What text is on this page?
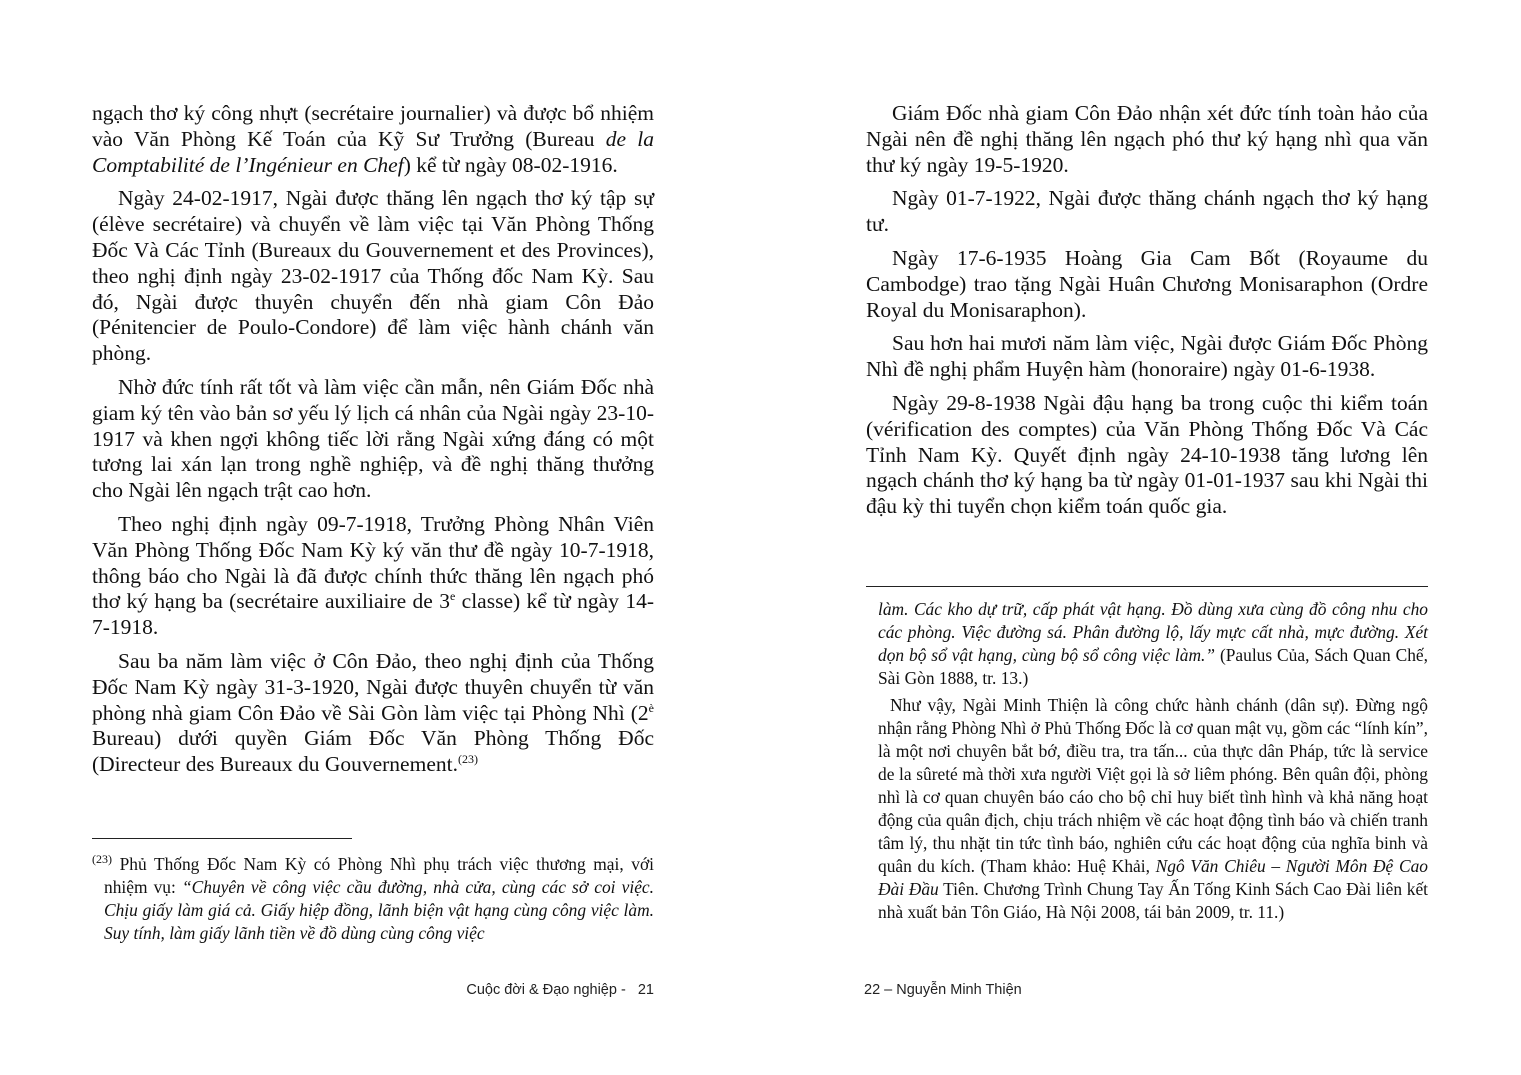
ngạch thơ ký công nhựt (secrétaire journalier) và được bổ nhiệm vào Văn Phòng Kế Toán của Kỹ Sư Trưởng (Bureau de la Comptabilité de l’Ingénieur en Chef) kể từ ngày 08-02-1916.

Ngày 24-02-1917, Ngài được thăng lên ngạch thơ ký tập sự (élève secrétaire) và chuyển về làm việc tại Văn Phòng Thống Đốc Và Các Tỉnh (Bureaux du Gouvernement et des Provinces), theo nghị định ngày 23-02-1917 của Thống đốc Nam Kỳ. Sau đó, Ngài được thuyên chuyển đến nhà giam Côn Đảo (Pénitencier de Poulo-Condore) để làm việc hành chánh văn phòng.

Nhờ đức tính rất tốt và làm việc cần mẫn, nên Giám Đốc nhà giam ký tên vào bản sơ yếu lý lịch cá nhân của Ngài ngày 23-10-1917 và khen ngợi không tiếc lời rằng Ngài xứng đáng có một tương lai xán lạn trong nghề nghiệp, và đề nghị thăng thưởng cho Ngài lên ngạch trật cao hơn.

Theo nghị định ngày 09-7-1918, Trưởng Phòng Nhân Viên Văn Phòng Thống Đốc Nam Kỳ ký văn thư đề ngày 10-7-1918, thông báo cho Ngài là đã được chính thức thăng lên ngạch phó thơ ký hạng ba (secrétaire auxiliaire de 3e classe) kể từ ngày 14-7-1918.

Sau ba năm làm việc ở Côn Đảo, theo nghị định của Thống Đốc Nam Kỳ ngày 31-3-1920, Ngài được thuyên chuyển từ văn phòng nhà giam Côn Đảo về Sài Gòn làm việc tại Phòng Nhì ($2^è$ Bureau) dưới quyền Giám Đốc Văn Phòng Thống Đốc (Directeur des Bureaux du Gouvernement.$^{(23)}$

$^{(23)}$ Phủ Thống Đốc Nam Kỳ có Phòng Nhì phụ trách việc thương mại, với nhiệm vụ: “Chuyên về công việc cầu đường, nhà cửa, cùng các sở coi việc. Chịu giấy làm giá cả. Giấy hiệp đồng, lãnh biện vật hạng cùng công việc làm. Suy tính, làm giấy lãnh tiền về đồ dùng cùng công việc

Cuộc đời & Đạo nghiệp -   21

Giám Đốc nhà giam Côn Đảo nhận xét đức tính toàn hảo của Ngài nên đề nghị thăng lên ngạch phó thư ký hạng nhì qua văn thư ký ngày 19-5-1920.

Ngày 01-7-1922, Ngài được thăng chánh ngạch thơ ký hạng tư.

Ngày 17-6-1935 Hoàng Gia Cam Bốt (Royaume du Cambodge) trao tặng Ngài Huân Chương Monisaraphon (Ordre Royal du Monisaraphon).

Sau hơn hai mươi năm làm việc, Ngài được Giám Đốc Phòng Nhì đề nghị phẩm Huyện hàm (honoraire) ngày 01-6-1938.

Ngày 29-8-1938 Ngài đậu hạng ba trong cuộc thi kiểm toán (vérification des comptes) của Văn Phòng Thống Đốc Và Các Tỉnh Nam Kỳ. Quyết định ngày 24-10-1938 tăng lương lên ngạch chánh thơ ký hạng ba từ ngày 01-01-1937 sau khi Ngài thi đậu kỳ thi tuyển chọn kiểm toán quốc gia.

làm. Các kho dự trữ, cấp phát vật hạng. Đồ dùng xưa cùng đồ công nhu cho các phòng. Việc đường sá. Phân đường lộ, lấy mực cất nhà, mực đường. Xét dọn bộ sổ vật hạng, cùng bộ sổ công việc làm.” (Paulus Của, Sách Quan Chế, Sài Gòn 1888, tr. 13.)

Như vậy, Ngài Minh Thiện là công chức hành chánh (dân sự). Đừng ngộ nhận rằng Phòng Nhì ở Phủ Thống Đốc là cơ quan mật vụ, gồm các “lính kín”, là một nơi chuyên bắt bớ, điều tra, tra tấn... của thực dân Pháp, tức là service de la sûreté mà thời xưa người Việt gọi là sở liêm phóng. Bên quân đội, phòng nhì là cơ quan chuyên báo cáo cho bộ chỉ huy biết tình hình và khả năng hoạt động của quân địch, chịu trách nhiệm về các hoạt động tình báo và chiến tranh tâm lý, thu nhặt tin tức tình báo, nghiên cứu các hoạt động của nghĩa binh và quân du kích. (Tham khảo: Huệ Khải, Ngô Văn Chiêu – Người Môn Đệ Cao Đài Đầu Tiên. Chương Trình Chung Tay Ấn Tống Kinh Sách Cao Đài liên kết nhà xuất bản Tôn Giáo, Hà Nội 2008, tái bản 2009, tr. 11.)

22 – Nguyễn Minh Thiện
